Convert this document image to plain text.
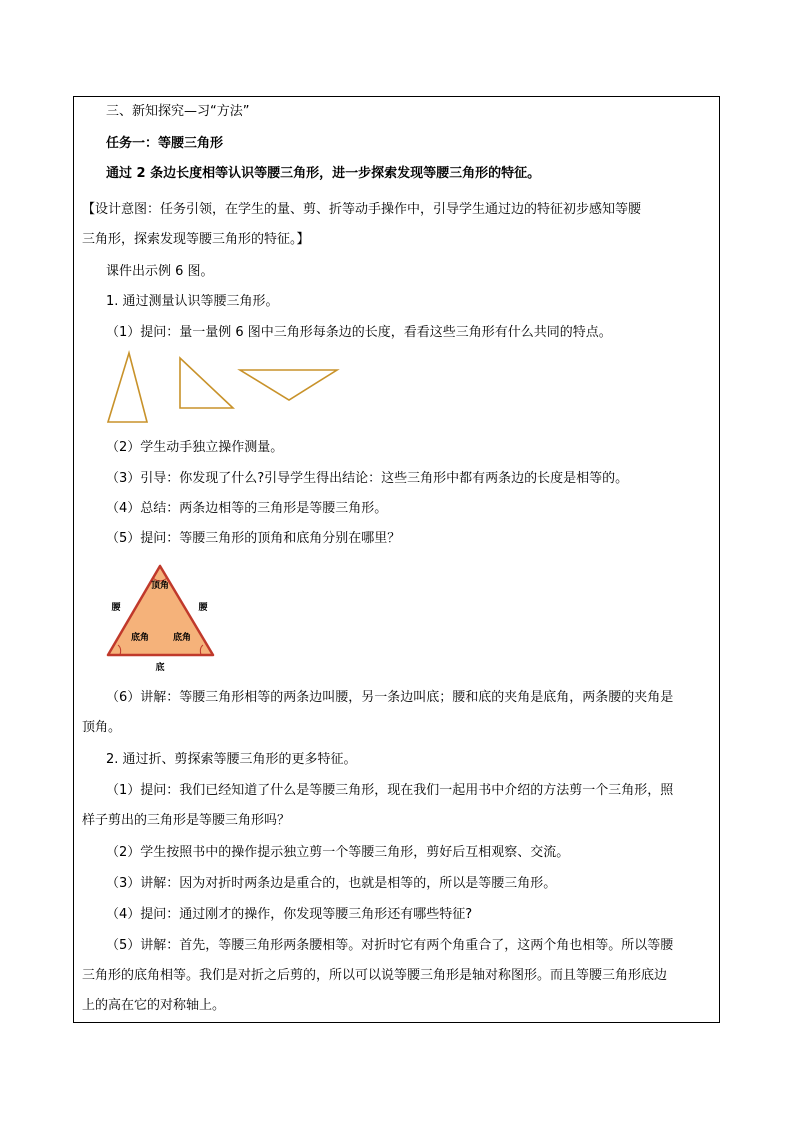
三、新知探究—习“方法”
任务一：等腰三角形
通过 2 条边长度相等认识等腰三角形，进一步探索发现等腰三角形的特征。
【设计意图：任务引领，在学生的量、剪、折等动手操作中，引导学生通过边的特征初步感知等腰
三角形，探索发现等腰三角形的特征。】
课件出示例 6 图。
1. 通过测量认识等腰三角形。
（1）提问：量一量例 6 图中三角形每条边的长度，看看这些三角形有什么共同的特点。
（2）学生动手独立操作测量。
（3）引导：你发现了什么?引导学生得出结论：这些三角形中都有两条边的长度是相等的。
（4）总结：两条边相等的三角形是等腰三角形。
（5）提问：等腰三角形的顶角和底角分别在哪里？
顶角
腰	腰
底角	底角
底
（6）讲解：等腰三角形相等的两条边叫腰，另一条边叫底；腰和底的夹角是底角，两条腰的夹角是
顶角。
2. 通过折、剪探索等腰三角形的更多特征。
（1）提问：我们已经知道了什么是等腰三角形，现在我们一起用书中介绍的方法剪一个三角形，照
样子剪出的三角形是等腰三角形吗？
（2）学生按照书中的操作提示独立剪一个等腰三角形，剪好后互相观察、交流。
（3）讲解：因为对折时两条边是重合的，也就是相等的，所以是等腰三角形。
（4）提问：通过刚才的操作，你发现等腰三角形还有哪些特征?
（5）讲解：首先，等腰三角形两条腰相等。对折时它有两个角重合了，这两个角也相等。所以等腰
三角形的底角相等。我们是对折之后剪的，所以可以说等腰三角形是轴对称图形。而且等腰三角形底边
上的高在它的对称轴上。
